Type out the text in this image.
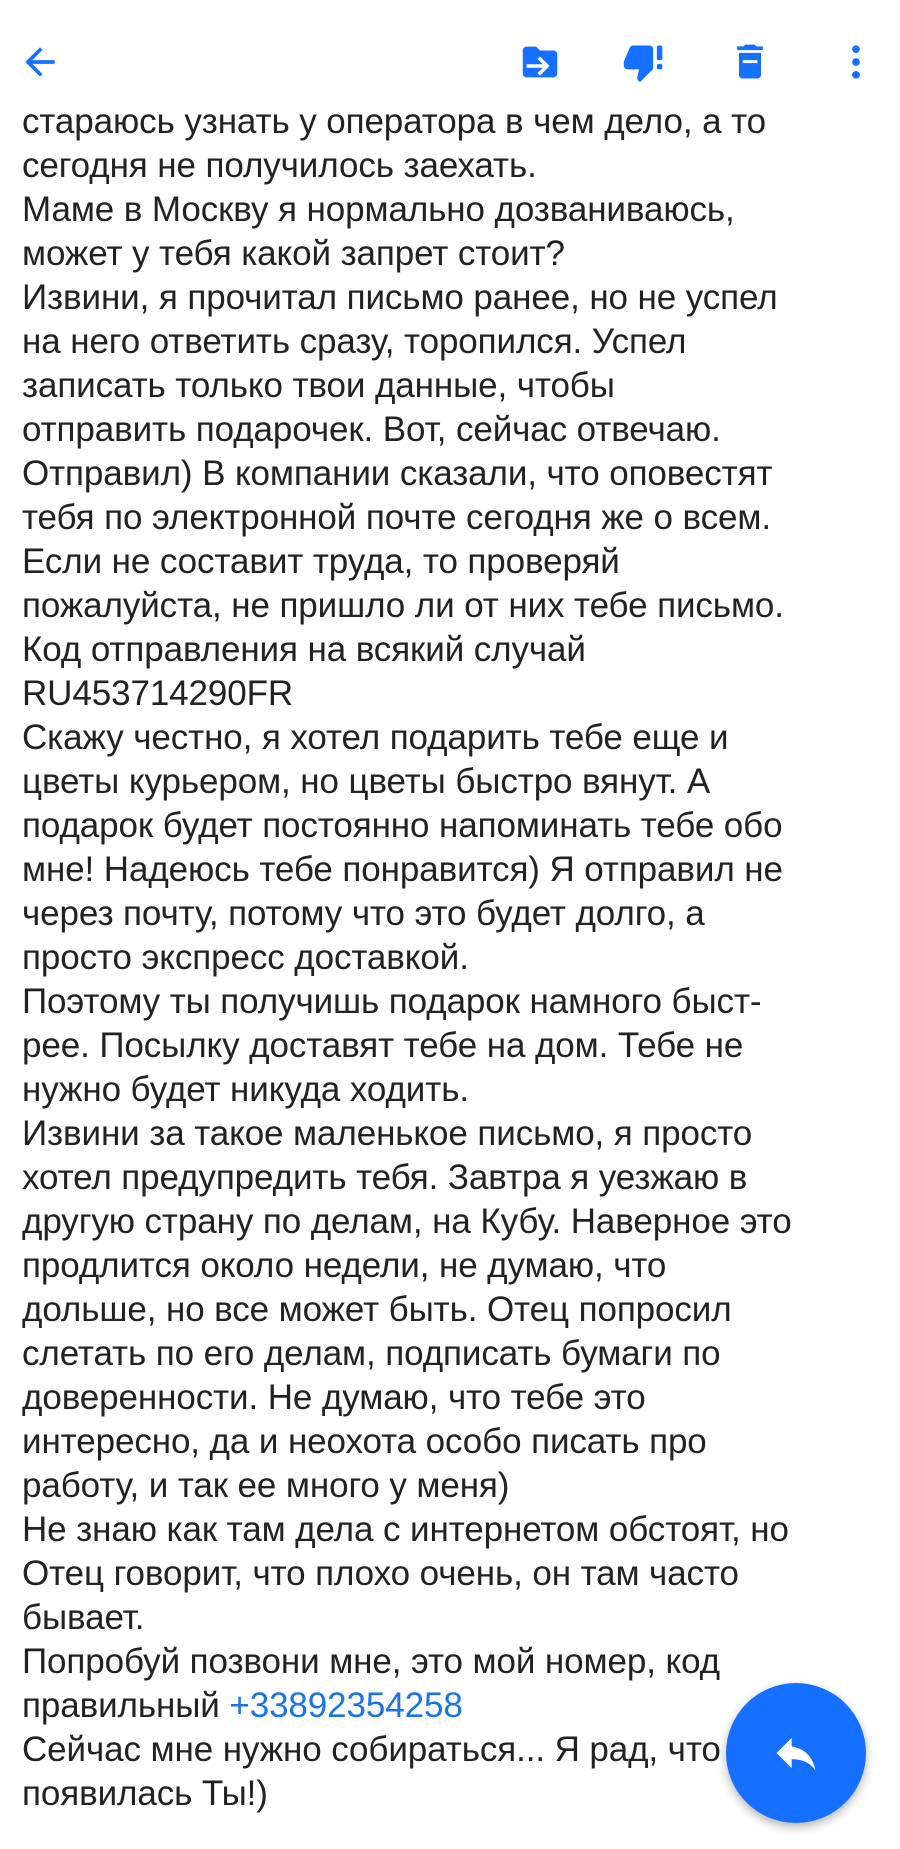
стараюсь узнать у оператора в чем дело, а то
сегодня не получилось заехать.
Маме в Москву я нормально дозваниваюсь,
может у тебя какой запрет стоит?
Извини, я прочитал письмо ранее, но не успел
на него ответить сразу, торопился. Успел
записать только твои данные, чтобы
отправить подарочек. Вот, сейчас отвечаю.
Отправил) В компании сказали, что оповестят
тебя по электронной почте сегодня же о всем.
Если не составит труда, то проверяй
пожалуйста, не пришло ли от них тебе письмо.
Код отправления на всякий случай
RU453714290FR
Скажу честно, я хотел подарить тебе еще и
цветы курьером, но цветы быстро вянут. А
подарок будет постоянно напоминать тебе обо
мне! Надеюсь тебе понравится) Я отправил не
через почту, потому что это будет долго, а
просто экспресс доставкой.
Поэтому ты получишь подарок намного быст-
рее. Посылку доставят тебе на дом. Тебе не
нужно будет никуда ходить.
Извини за такое маленькое письмо, я просто
хотел предупредить тебя. Завтра я уезжаю в
другую страну по делам, на Кубу. Наверное это
продлится около недели, не думаю, что
дольше, но все может быть. Отец попросил
слетать по его делам, подписать бумаги по
доверенности. Не думаю, что тебе это
интересно, да и неохота особо писать про
работу, и так ее много у меня)
Не знаю как там дела с интернетом обстоят, но
Отец говорит, что плохо очень, он там часто
бывает.
Попробуй позвони мне, это мой номер, код
правильный +33892354258
Сейчас мне нужно собираться... Я рад, что
появилась Ты!)
